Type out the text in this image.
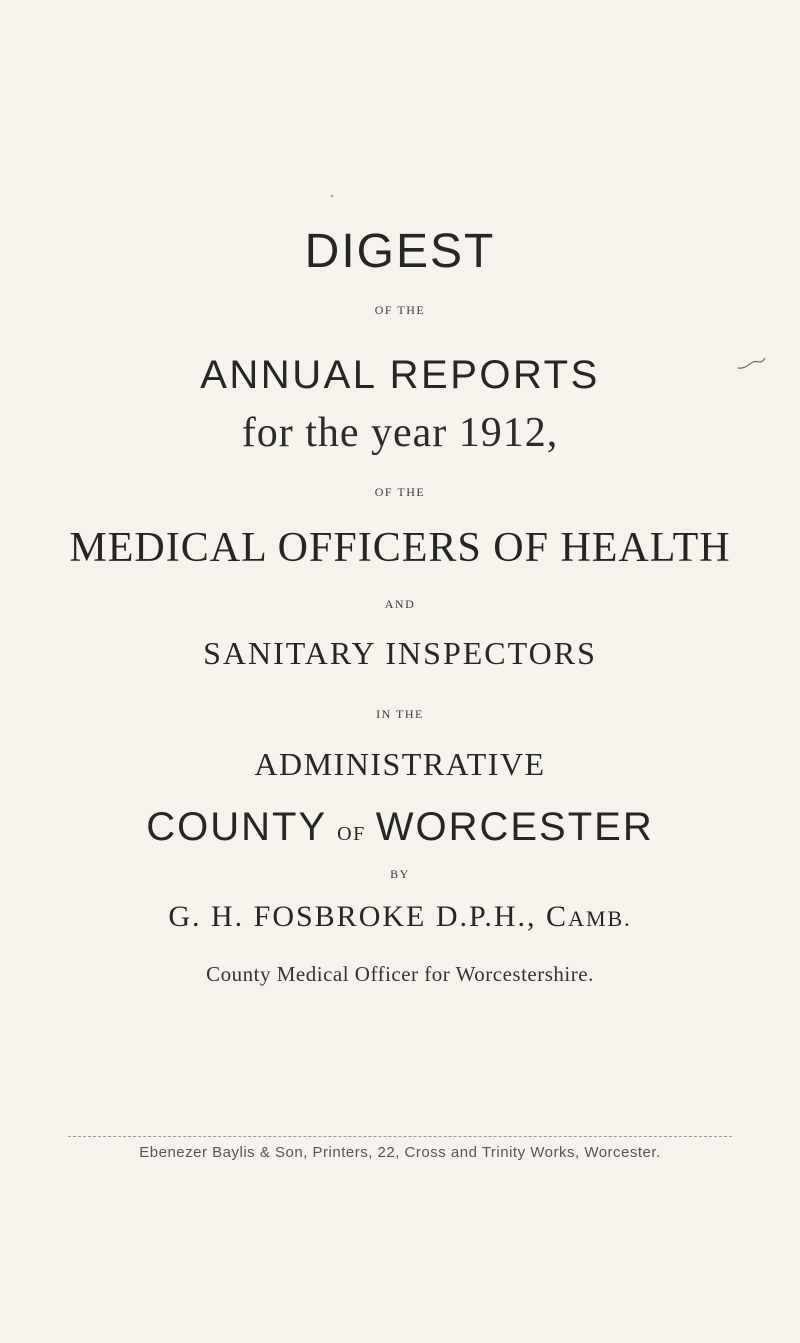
•
DIGEST
OF THE
ANNUAL REPORTS
for the year 1912,
OF THE
MEDICAL OFFICERS OF HEALTH
AND
SANITARY INSPECTORS
IN THE
ADMINISTRATIVE
COUNTY OF WORCESTER
BY
G. H. FOSBROKE D.P.H., CAMB.
County Medical Officer for Worcestershire.
Ebenezer Baylis & Son, Printers, 22, Cross and Trinity Works, Worcester.
